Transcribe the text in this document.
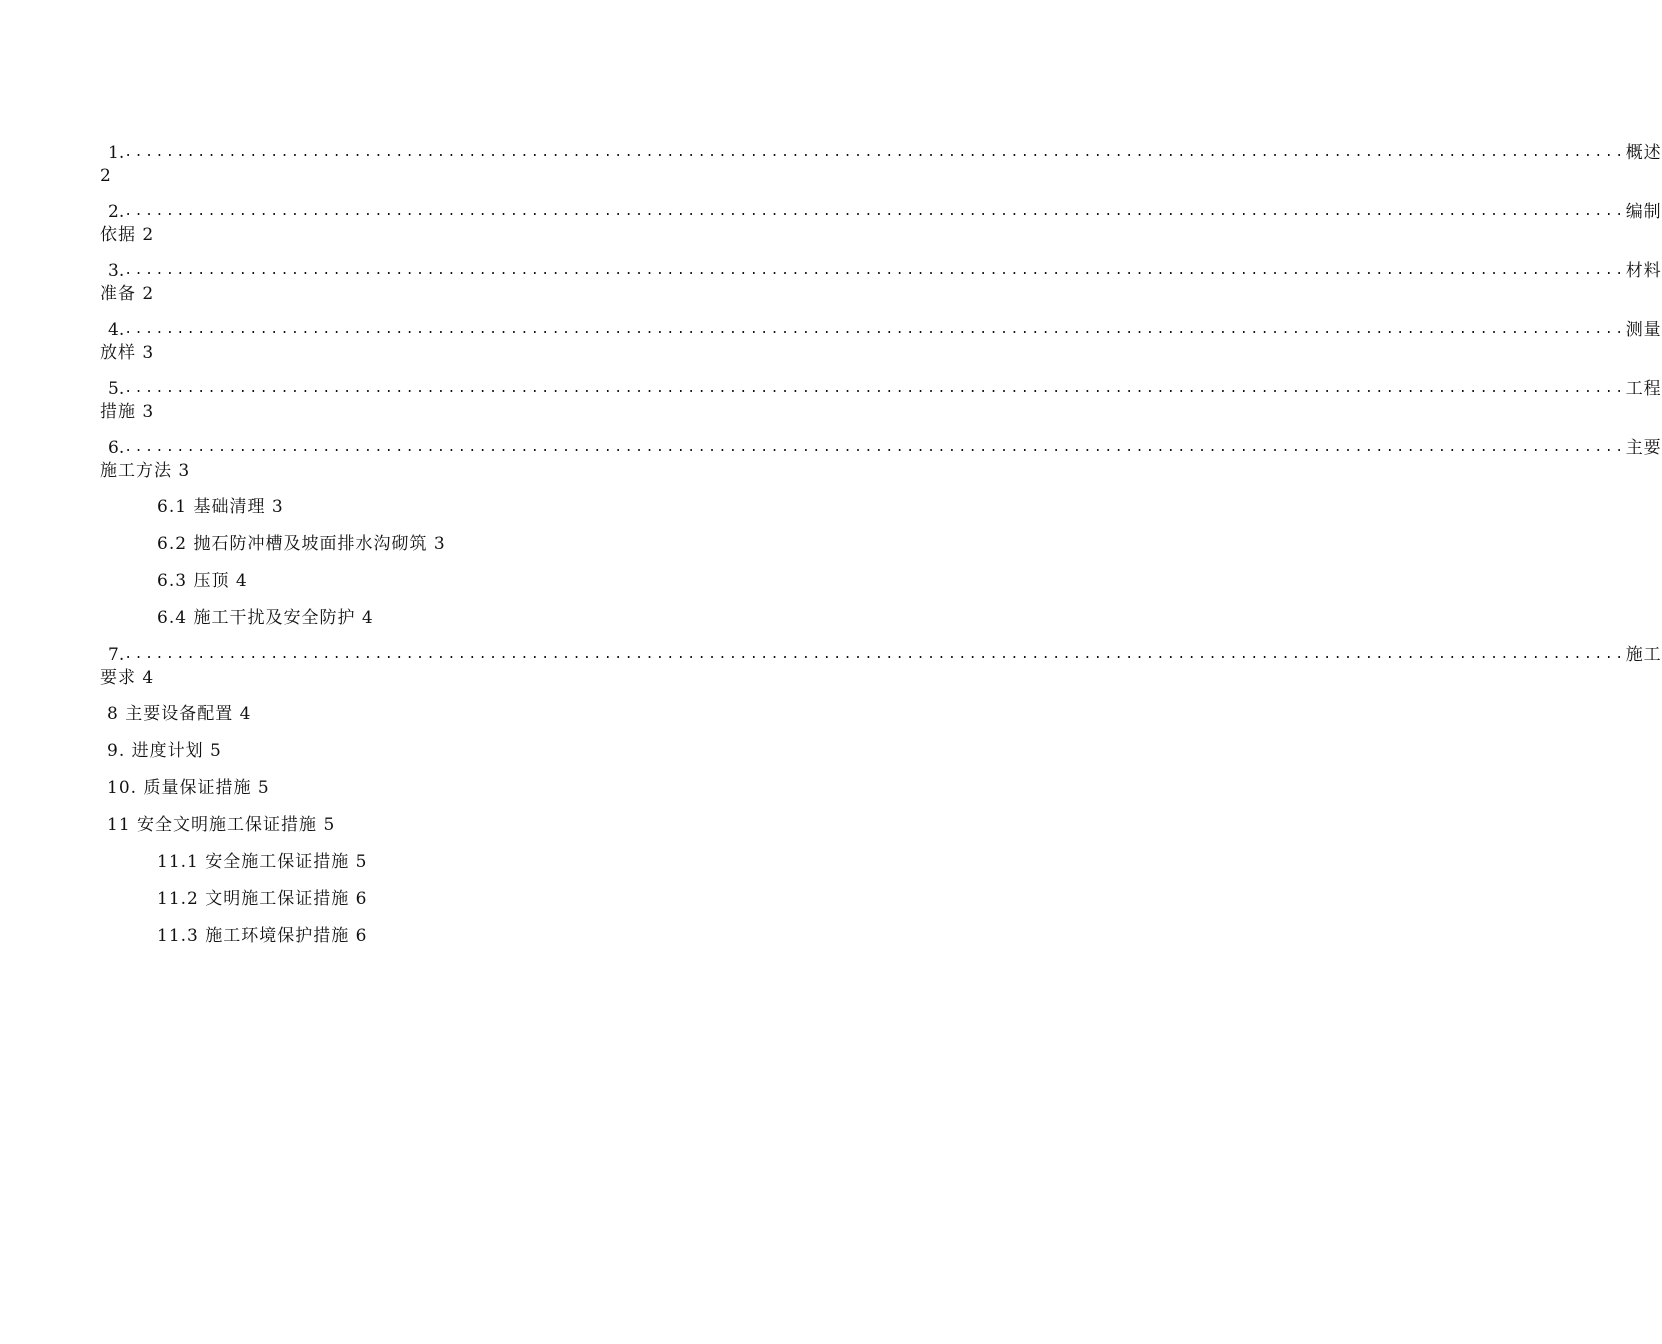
1. ................................................................................................................................................ 概述
2
2. ................................................................................................................................................ 编制
依据 2
3. ................................................................................................................................................ 材料
准备 2
4. ................................................................................................................................................ 测量
放样 3
5. ................................................................................................................................................ 工程
措施 3
6. ................................................................................................................................................ 主要
施工方法 3
6.1 基础清理 3
6.2 抛石防冲槽及坡面排水沟砌筑 3
6.3 压顶 4
6.4 施工干扰及安全防护 4
7. ................................................................................................................................................ 施工
要求 4
8 主要设备配置 4
9. 进度计划 5
10. 质量保证措施 5
11 安全文明施工保证措施 5
11.1 安全施工保证措施 5
11.2 文明施工保证措施 6
11.3 施工环境保护措施 6
